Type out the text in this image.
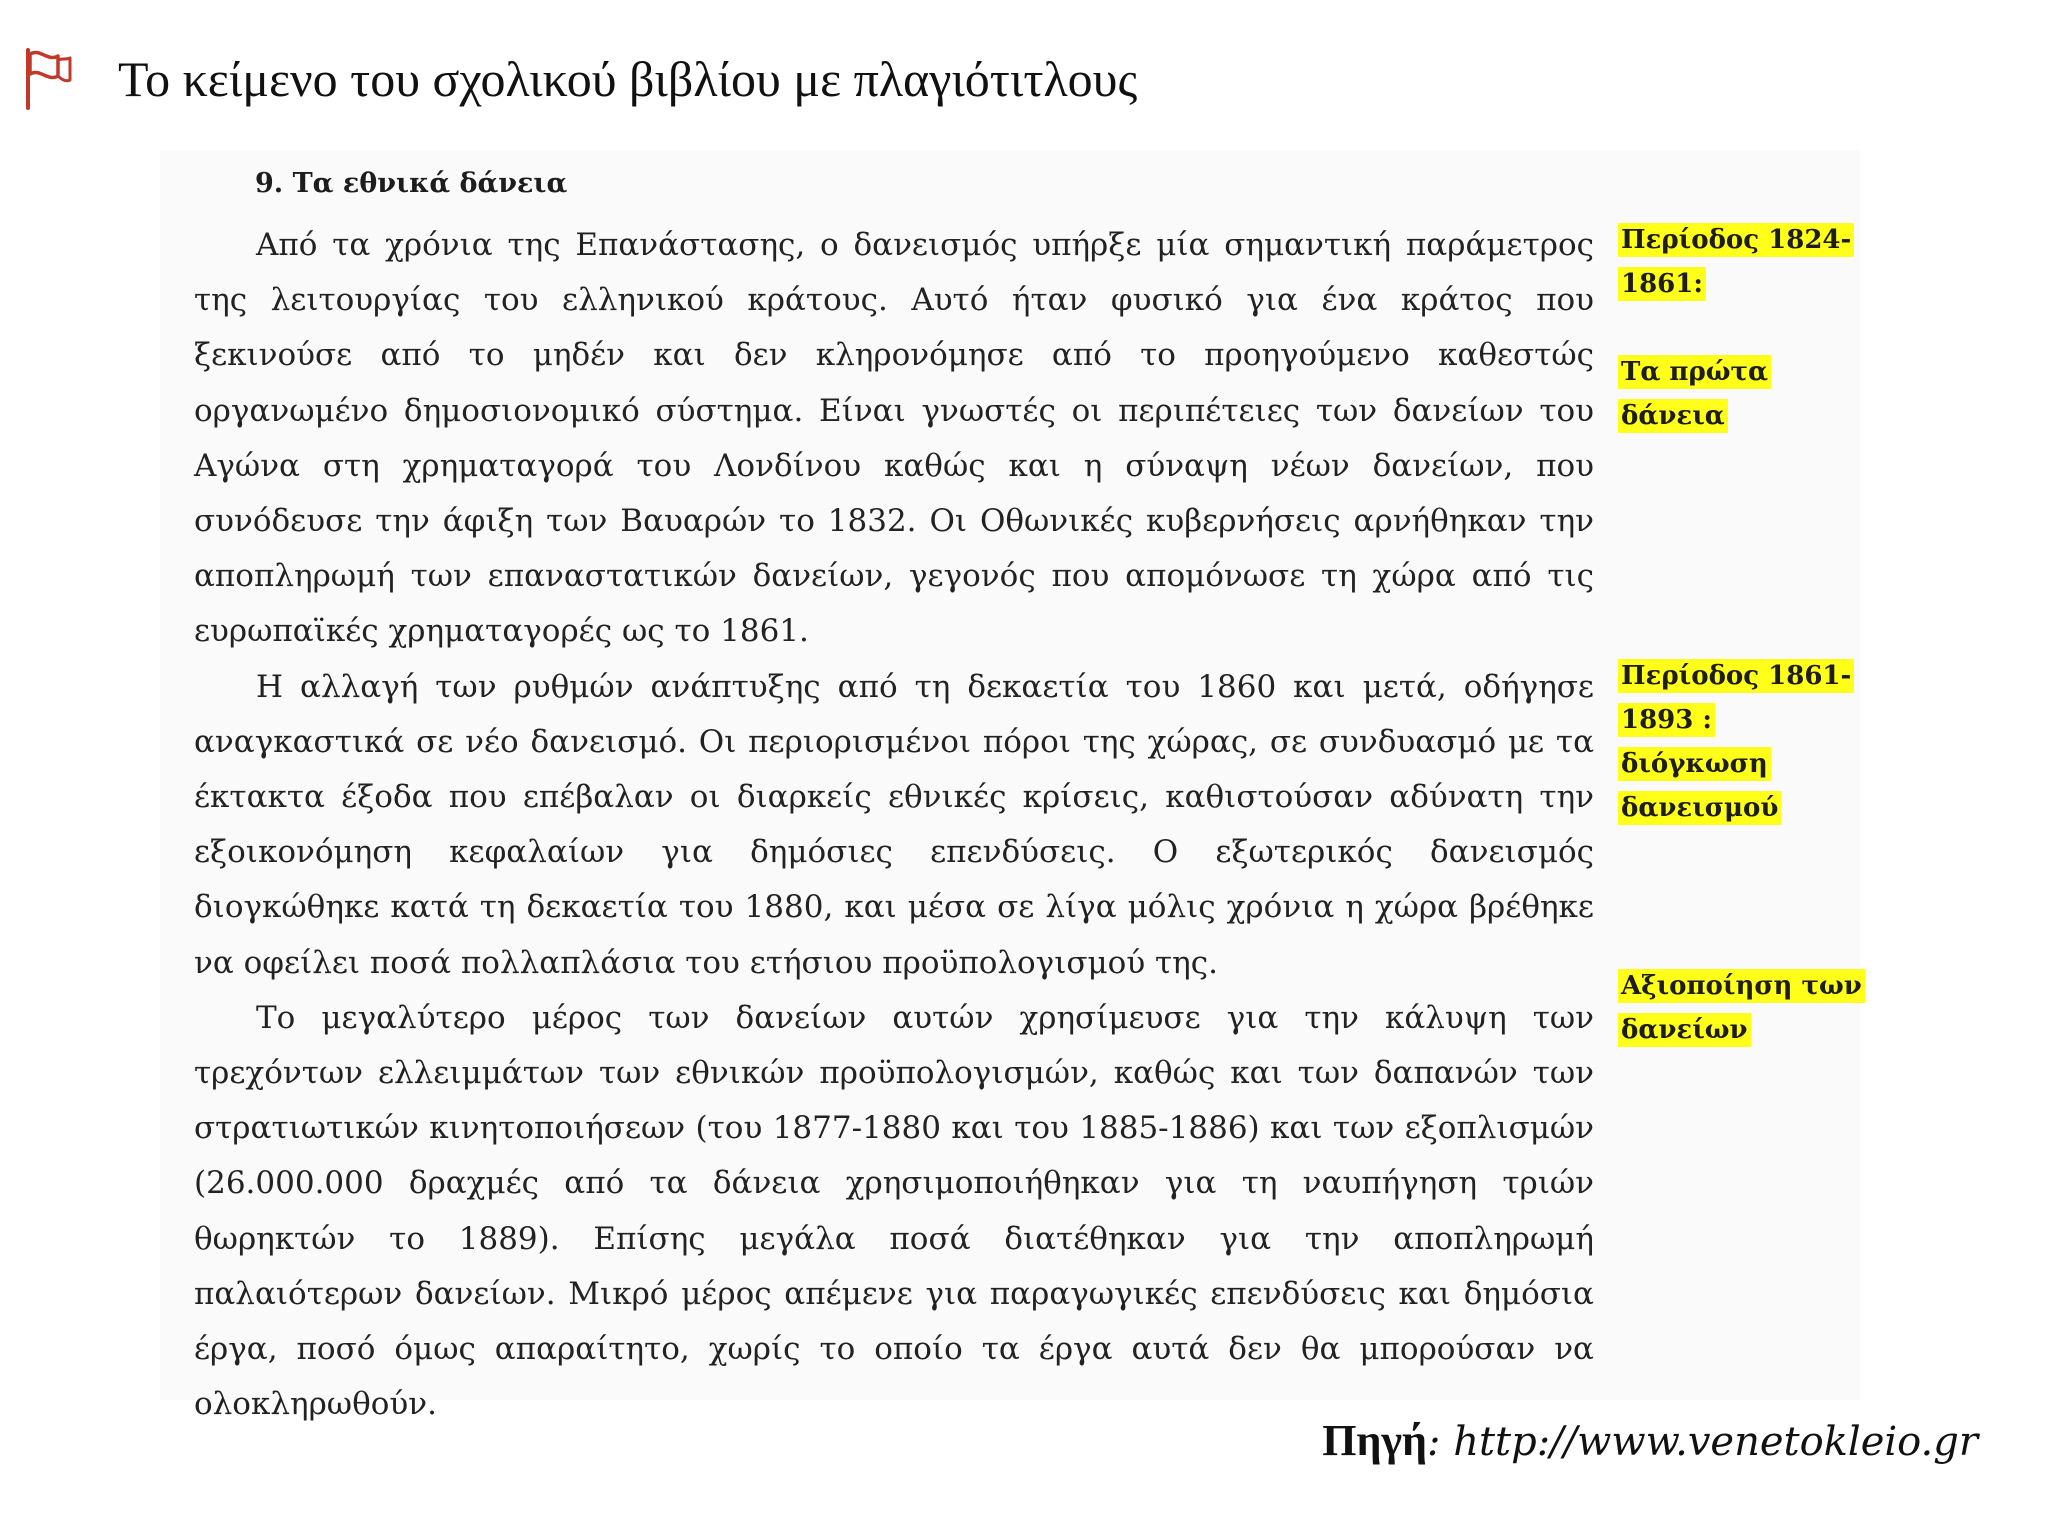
Το κείμενο του σχολικού βιβλίου με πλαγιότιτλους
9. Τα εθνικά δάνεια

Από τα χρόνια της Επανάστασης, ο δανεισμός υπήρξε μία σημαντική παράμετρος της λειτουργίας του ελληνικού κράτους. Αυτό ήταν φυσικό για ένα κράτος που ξεκινούσε από το μηδέν και δεν κληρονόμησε από το προηγούμενο καθεστώς οργανωμένο δημοσιονομικό σύστημα. Είναι γνωστές οι περιπέτειες των δανείων του Αγώνα στη χρηματαγορά του Λονδίνου καθώς και η σύναψη νέων δανείων, που συνόδευσε την άφιξη των Βαυαρών το 1832. Οι Οθωνικές κυβερνήσεις αρνήθηκαν την αποπληρωμή των επαναστατικών δανείων, γεγονός που απομόνωσε τη χώρα από τις ευρωπαϊκές χρηματαγορές ως το 1861.

Η αλλαγή των ρυθμών ανάπτυξης από τη δεκαετία του 1860 και μετά, οδήγησε αναγκαστικά σε νέο δανεισμό. Οι περιορισμένοι πόροι της χώρας, σε συνδυασμό με τα έκτακτα έξοδα που επέβαλαν οι διαρκείς εθνικές κρίσεις, καθιστούσαν αδύνατη την εξοικονόμηση κεφαλαίων για δημόσιες επενδύσεις. Ο εξωτερικός δανεισμός διογκώθηκε κατά τη δεκαετία του 1880, και μέσα σε λίγα μόλις χρόνια η χώρα βρέθηκε να οφείλει ποσά πολλαπλάσια του ετήσιου προϋπολογισμού της.

Το μεγαλύτερο μέρος των δανείων αυτών χρησίμευσε για την κάλυψη των τρεχόντων ελλειμμάτων των εθνικών προϋπολογισμών, καθώς και των δαπανών των στρατιωτικών κινητοποιήσεων (του 1877-1880 και του 1885-1886) και των εξοπλισμών (26.000.000 δραχμές από τα δάνεια χρησιμοποιήθηκαν για τη ναυπήγηση τριών θωρηκτών το 1889). Επίσης μεγάλα ποσά διατέθηκαν για την αποπληρωμή παλαιότερων δανείων. Μικρό μέρος απέμενε για παραγωγικές επενδύσεις και δημόσια έργα, ποσό όμως απαραίτητο, χωρίς το οποίο τα έργα αυτά δεν θα μπορούσαν να ολοκληρωθούν.

Περίοδος 1824-
1861:
Τα πρώτα
δάνεια
Περίοδος 1861-
1893 :
διόγκωση
δανεισμού
Αξιοποίηση των
δανείων
Πηγή: http://www.venetokleio.gr
